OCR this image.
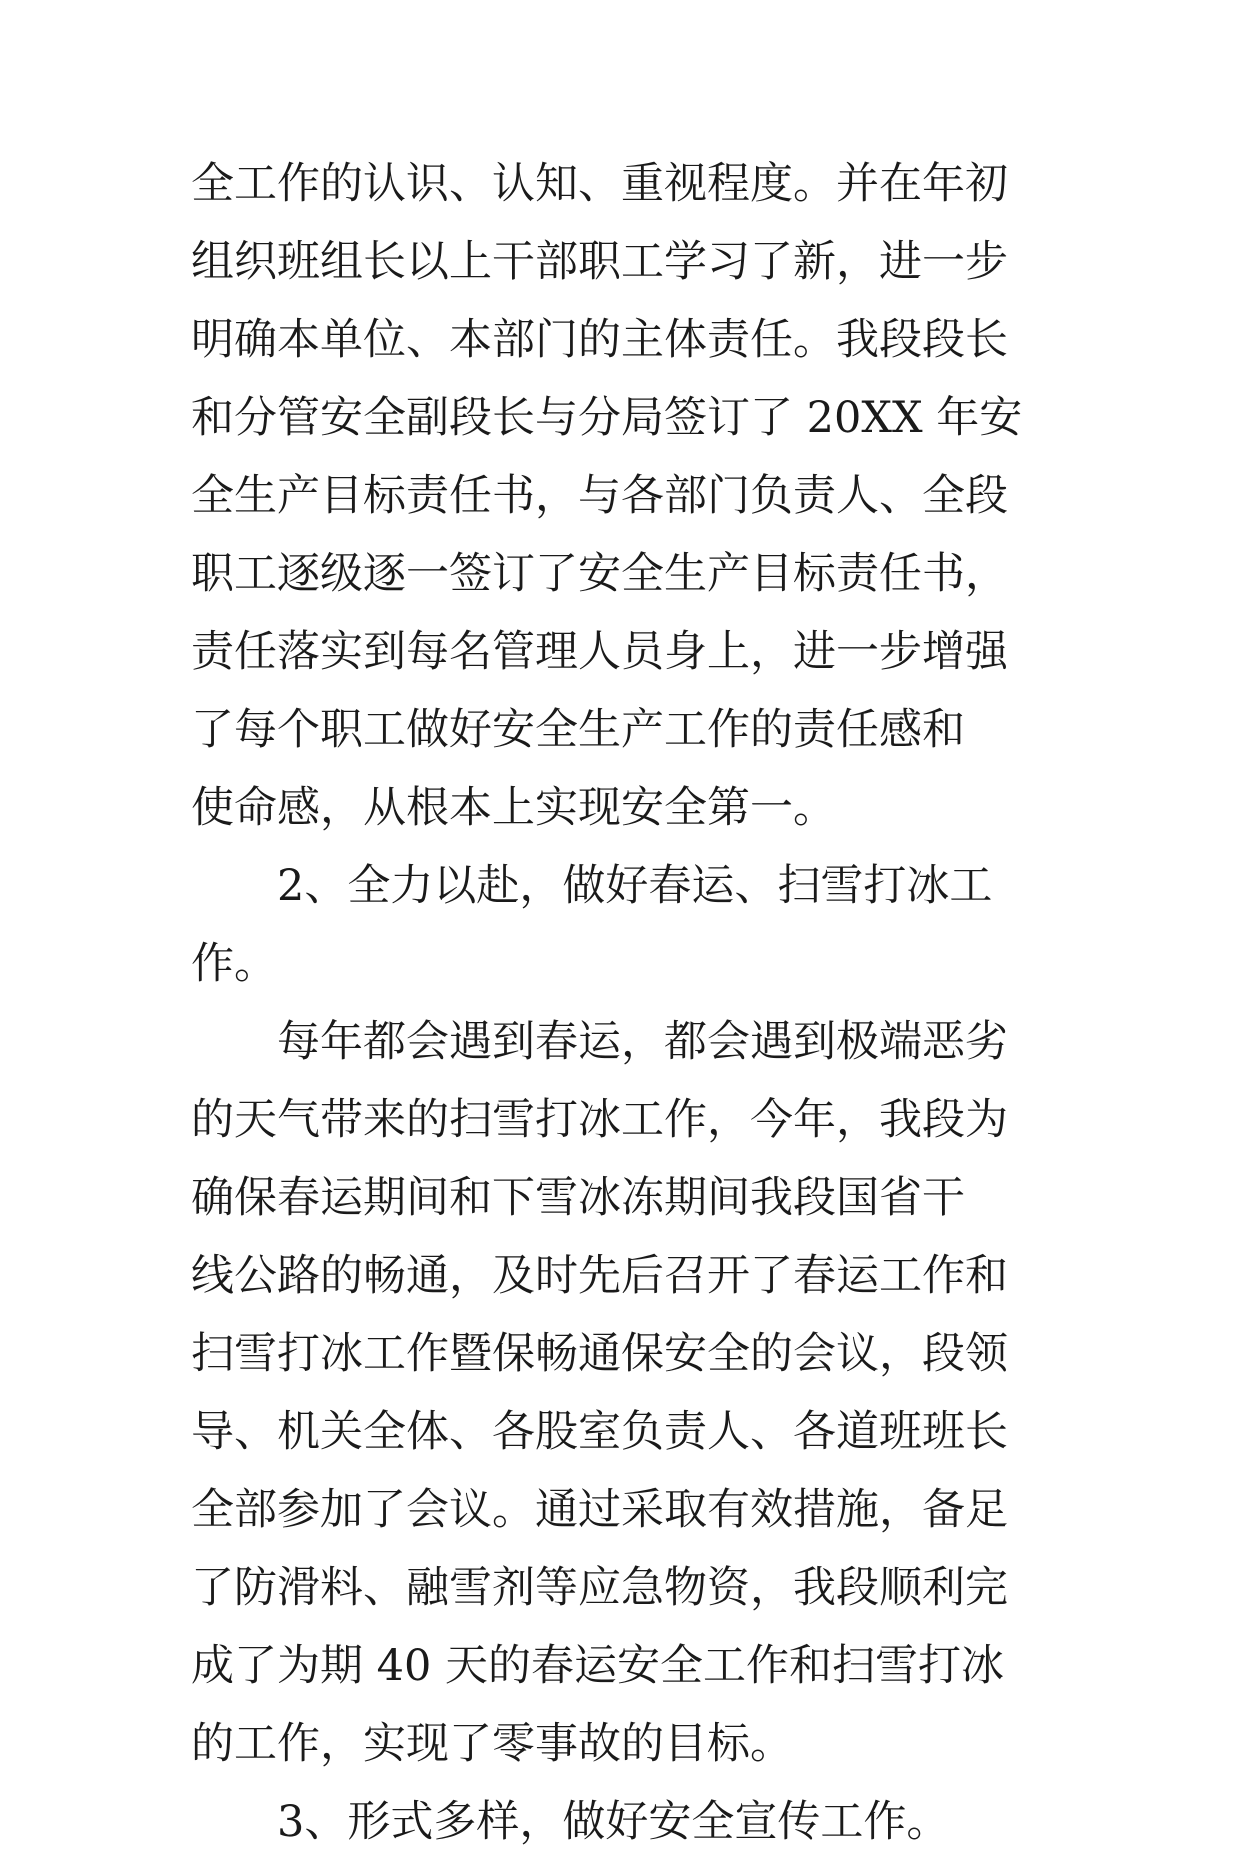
全工作的认识、认知、重视程度。并在年初
组织班组长以上干部职工学习了新，进一步
明确本单位、本部门的主体责任。我段段长
和分管安全副段长与分局签订了 20XX 年安
全生产目标责任书，与各部门负责人、全段
职工逐级逐一签订了安全生产目标责任书，
责任落实到每名管理人员身上，进一步增强
了每个职工做好安全生产工作的责任感和
使命感，从根本上实现安全第一。
2、全力以赴，做好春运、扫雪打冰工
作。
每年都会遇到春运，都会遇到极端恶劣
的天气带来的扫雪打冰工作，今年，我段为
确保春运期间和下雪冰冻期间我段国省干
线公路的畅通，及时先后召开了春运工作和
扫雪打冰工作暨保畅通保安全的会议，段领
导、机关全体、各股室负责人、各道班班长
全部参加了会议。通过采取有效措施，备足
了防滑料、融雪剂等应急物资，我段顺利完
成了为期 40 天的春运安全工作和扫雪打冰
的工作，实现了零事故的目标。
3、形式多样，做好安全宣传工作。
